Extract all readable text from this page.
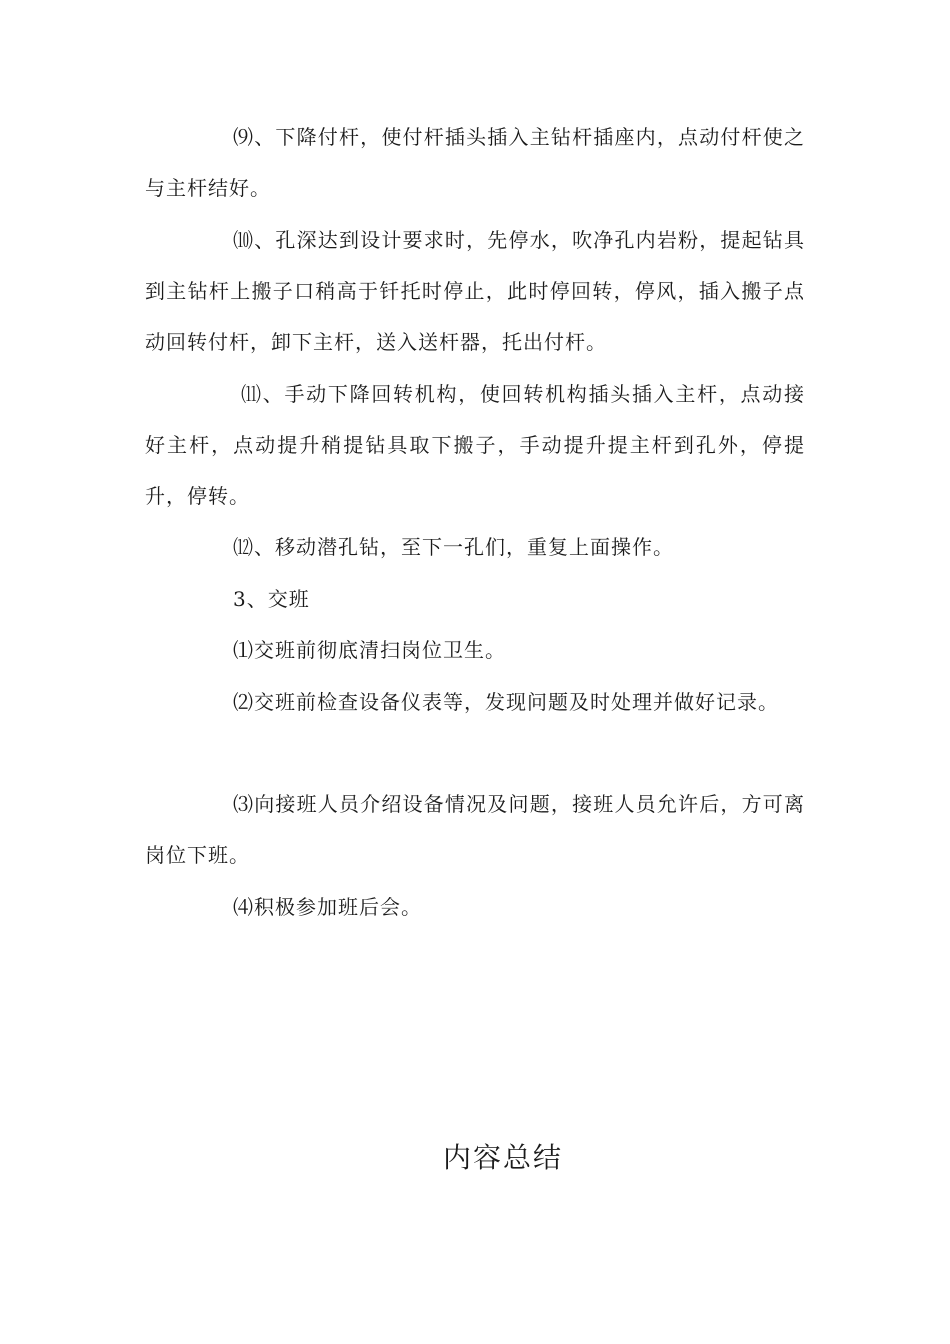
⑼、下降付杆，使付杆插头插入主钻杆插座内，点动付杆使之与主杆结好。

⑽、孔深达到设计要求时，先停水，吹净孔内岩粉，提起钻具到主钻杆上搬子口稍高于钎托时停止，此时停回转，停风，插入搬子点动回转付杆，卸下主杆，送入送杆器，托出付杆。

⑾、手动下降回转机构，使回转机构插头插入主杆，点动接好主杆，点动提升稍提钻具取下搬子，手动提升提主杆到孔外，停提升，停转。

⑿、移动潜孔钻，至下一孔们，重复上面操作。

3、交班

⑴交班前彻底清扫岗位卫生。

⑵交班前检查设备仪表等，发现问题及时处理并做好记录。

⑶向接班人员介绍设备情况及问题，接班人员允许后，方可离岗位下班。

⑷积极参加班后会。

内容总结
